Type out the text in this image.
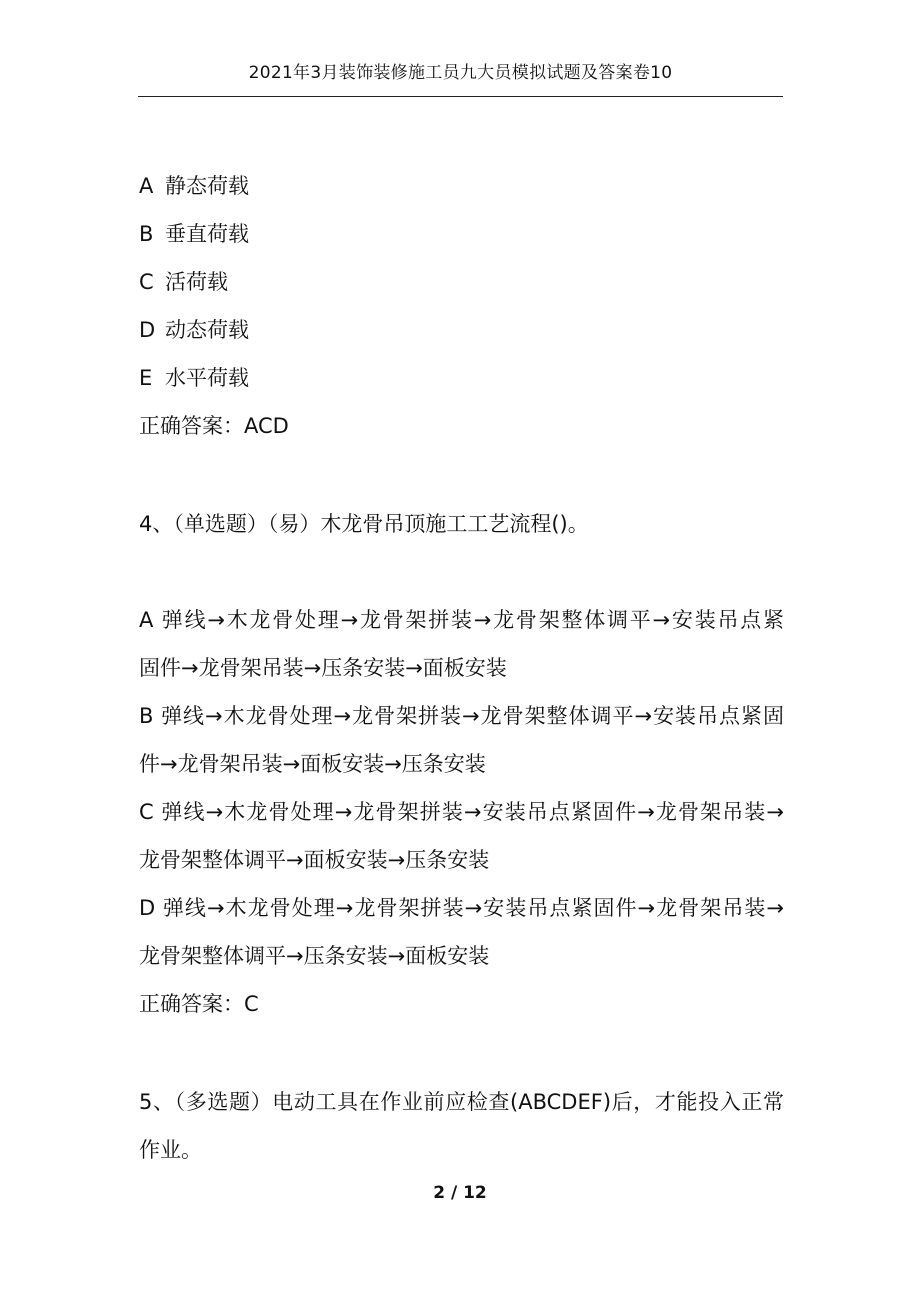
2021年3月装饰装修施工员九大员模拟试题及答案卷10
A 静态荷载
B 垂直荷载
C 活荷载
D 动态荷载
E 水平荷载
正确答案：ACD
4、（单选题）（易）木龙骨吊顶施工工艺流程()。
A 弹线→木龙骨处理→龙骨架拼装→龙骨架整体调平→安装吊点紧
固件→龙骨架吊装→压条安装→面板安装
B 弹线→木龙骨处理→龙骨架拼装→龙骨架整体调平→安装吊点紧固
件→龙骨架吊装→面板安装→压条安装
C 弹线→木龙骨处理→龙骨架拼装→安装吊点紧固件→龙骨架吊装→
龙骨架整体调平→面板安装→压条安装
D 弹线→木龙骨处理→龙骨架拼装→安装吊点紧固件→龙骨架吊装→
龙骨架整体调平→压条安装→面板安装
正确答案：C
5、（多选题）电动工具在作业前应检查(ABCDEF)后，才能投入正常
作业。
2 / 12
